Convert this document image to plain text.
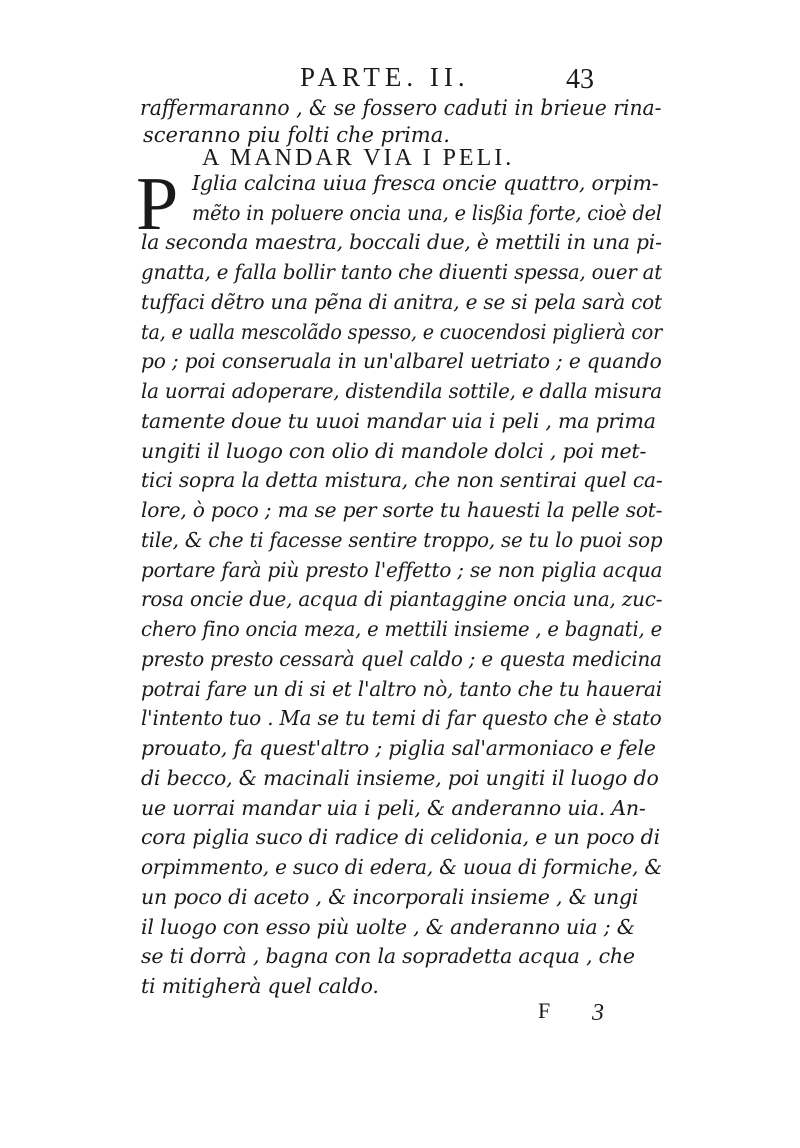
PARTE. II.	43
raffermaranno , & se fossero caduti in brieue rina-
sceranno piu folti che prima.
A MANDAR VIA I PELI.
P Iglia calcina uiua fresca oncie quattro, orpim-
mẽto in poluere oncia una, e lisßia forte, cioè del
la seconda maestra, boccali due, è mettili in una pi-
gnatta, e falla bollir tanto che diuenti spessa, ouer at
tuffaci dẽtro una pẽna di anitra, e se si pela sarà cot
ta, e ualla mescolãdo spesso, e cuocendosi piglierà cor
po ; poi conseruala in un'albarel uetriato ; e quando
la uorrai adoperare, distendila sottile, e dalla misura
tamente doue tu uuoi mandar uia i peli , ma prima
ungiti il luogo con olio di mandole dolci , poi met-
tici sopra la detta mistura, che non sentirai quel ca-
lore, ò poco ; ma se per sorte tu hauesti la pelle sot-
tile, & che ti facesse sentire troppo, se tu lo puoi sop
portare farà più presto l'effetto ; se non piglia acqua
rosa oncie due, acqua di piantaggine oncia una, zuc-
chero fino oncia meza, e mettili insieme , e bagnati, e
presto presto cessarà quel caldo ; e questa medicina
potrai fare un di si et l'altro nò, tanto che tu hauerai
l'intento tuo . Ma se tu temi di far questo che è stato
prouato, fa quest'altro ; piglia sal'armoniaco e fele
di becco, & macinali insieme, poi ungiti il luogo do
ue uorrai mandar uia i peli, & anderanno uia. An-
cora piglia suco di radice di celidonia, e un poco di
orpimmento, e suco di edera, & uoua di formiche, &
un poco di aceto , & incorporali insieme , & ungi
il luogo con esso più uolte , & anderanno uia ; &
se ti dorrà , bagna con la sopradetta acqua , che
ti mitigherà quel caldo.
F 3
